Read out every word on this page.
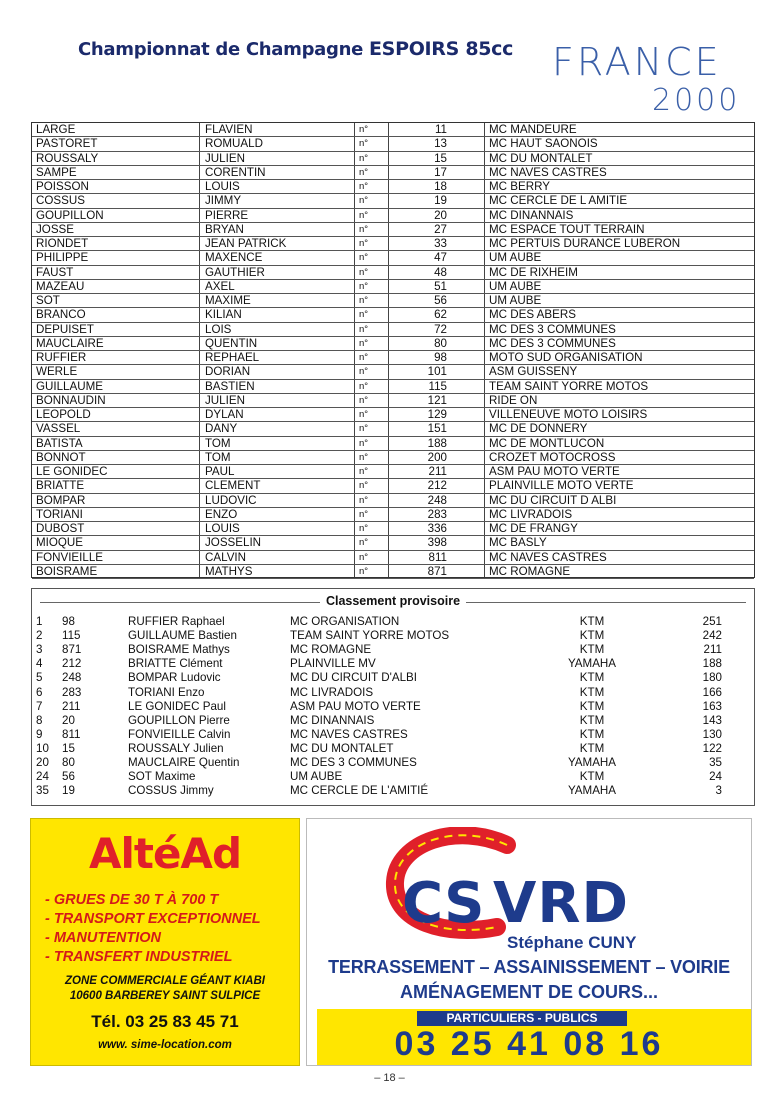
Championnat de Champagne ESPOIRS 85cc FRANCE
2000
LARGE	FLAVIEN	n°	11	MC MANDEURE
PASTORET	ROMUALD	n°	13	MC HAUT SAONOIS
ROUSSALY	JULIEN	n°	15	MC DU MONTALET
SAMPE	CORENTIN	n°	17	MC NAVES CASTRES
POISSON	LOUIS	n°	18	MC BERRY
COSSUS	JIMMY	n°	19	MC CERCLE DE L AMITIE
GOUPILLON	PIERRE	n°	20	MC DINANNAIS
JOSSE	BRYAN	n°	27	MC ESPACE TOUT TERRAIN
RIONDET	JEAN PATRICK	n°	33	MC PERTUIS DURANCE LUBERON
PHILIPPE	MAXENCE	n°	47	UM AUBE
FAUST	GAUTHIER	n°	48	MC DE RIXHEIM
MAZEAU	AXEL	n°	51	UM AUBE
SOT	MAXIME	n°	56	UM AUBE
BRANCO	KILIAN	n°	62	MC DES ABERS
DEPUISET	LOIS	n°	72	MC DES 3 COMMUNES
MAUCLAIRE	QUENTIN	n°	80	MC DES 3 COMMUNES
RUFFIER	REPHAEL	n°	98	MOTO SUD ORGANISATION
WERLE	DORIAN	n°	101	ASM GUISSENY
GUILLAUME	BASTIEN	n°	115	TEAM SAINT YORRE MOTOS
BONNAUDIN	JULIEN	n°	121	RIDE ON
LEOPOLD	DYLAN	n°	129	VILLENEUVE MOTO LOISIRS
VASSEL	DANY	n°	151	MC DE DONNERY
BATISTA	TOM	n°	188	MC DE MONTLUCON
BONNOT	TOM	n°	200	CROZET MOTOCROSS
LE GONIDEC	PAUL	n°	211	ASM PAU MOTO VERTE
BRIATTE	CLEMENT	n°	212	PLAINVILLE MOTO VERTE
BOMPAR	LUDOVIC	n°	248	MC DU CIRCUIT D ALBI
TORIANI	ENZO	n°	283	MC LIVRADOIS
DUBOST	LOUIS	n°	336	MC DE FRANGY
MIOQUE	JOSSELIN	n°	398	MC BASLY
FONVIEILLE	CALVIN	n°	811	MC NAVES CASTRES
BOISRAME	MATHYS	n°	871	MC ROMAGNE
Classement provisoire
1 98	RUFFIER Raphael	MC ORGANISATION	KTM	251
2 115	GUILLAUME Bastien	TEAM SAINT YORRE MOTOS	KTM	242
3 871	BOISRAME Mathys	MC ROMAGNE	KTM	211
4 212	BRIATTE Clément	PLAINVILLE MV	YAMAHA	188
5 248	BOMPAR Ludovic	MC DU CIRCUIT D'ALBI	KTM	180
6 283	TORIANI Enzo	MC LIVRADOIS	KTM	166
7 211	LE GONIDEC Paul	ASM PAU MOTO VERTE	KTM	163
8 20	GOUPILLON Pierre	MC DINANNAIS	KTM	143
9 811	FONVIEILLE Calvin	MC NAVES CASTRES	KTM	130
10 15	ROUSSALY Julien	MC DU MONTALET	KTM	122
20 80	MAUCLAIRE Quentin	MC DES 3 COMMUNES	YAMAHA	35
24 56	SOT Maxime	UM AUBE	KTM	24
35 19	COSSUS Jimmy	MC CERCLE DE L'AMITIÉ	YAMAHA	3
AltéAd
- GRUES DE 30 T À 700 T
- TRANSPORT EXCEPTIONNEL
- MANUTENTION
- TRANSFERT INDUSTRIEL
ZONE COMMERCIALE GÉANT KIABI
10600 BARBEREY SAINT SULPICE
Tél. 03 25 83 45 71
www. sime-location.com
CS VRD
Stéphane CUNY
TERRASSEMENT – ASSAINISSEMENT – VOIRIE
AMÉNAGEMENT DE COURS...
PARTICULIERS - PUBLICS
03 25 41 08 16
– 18 –
